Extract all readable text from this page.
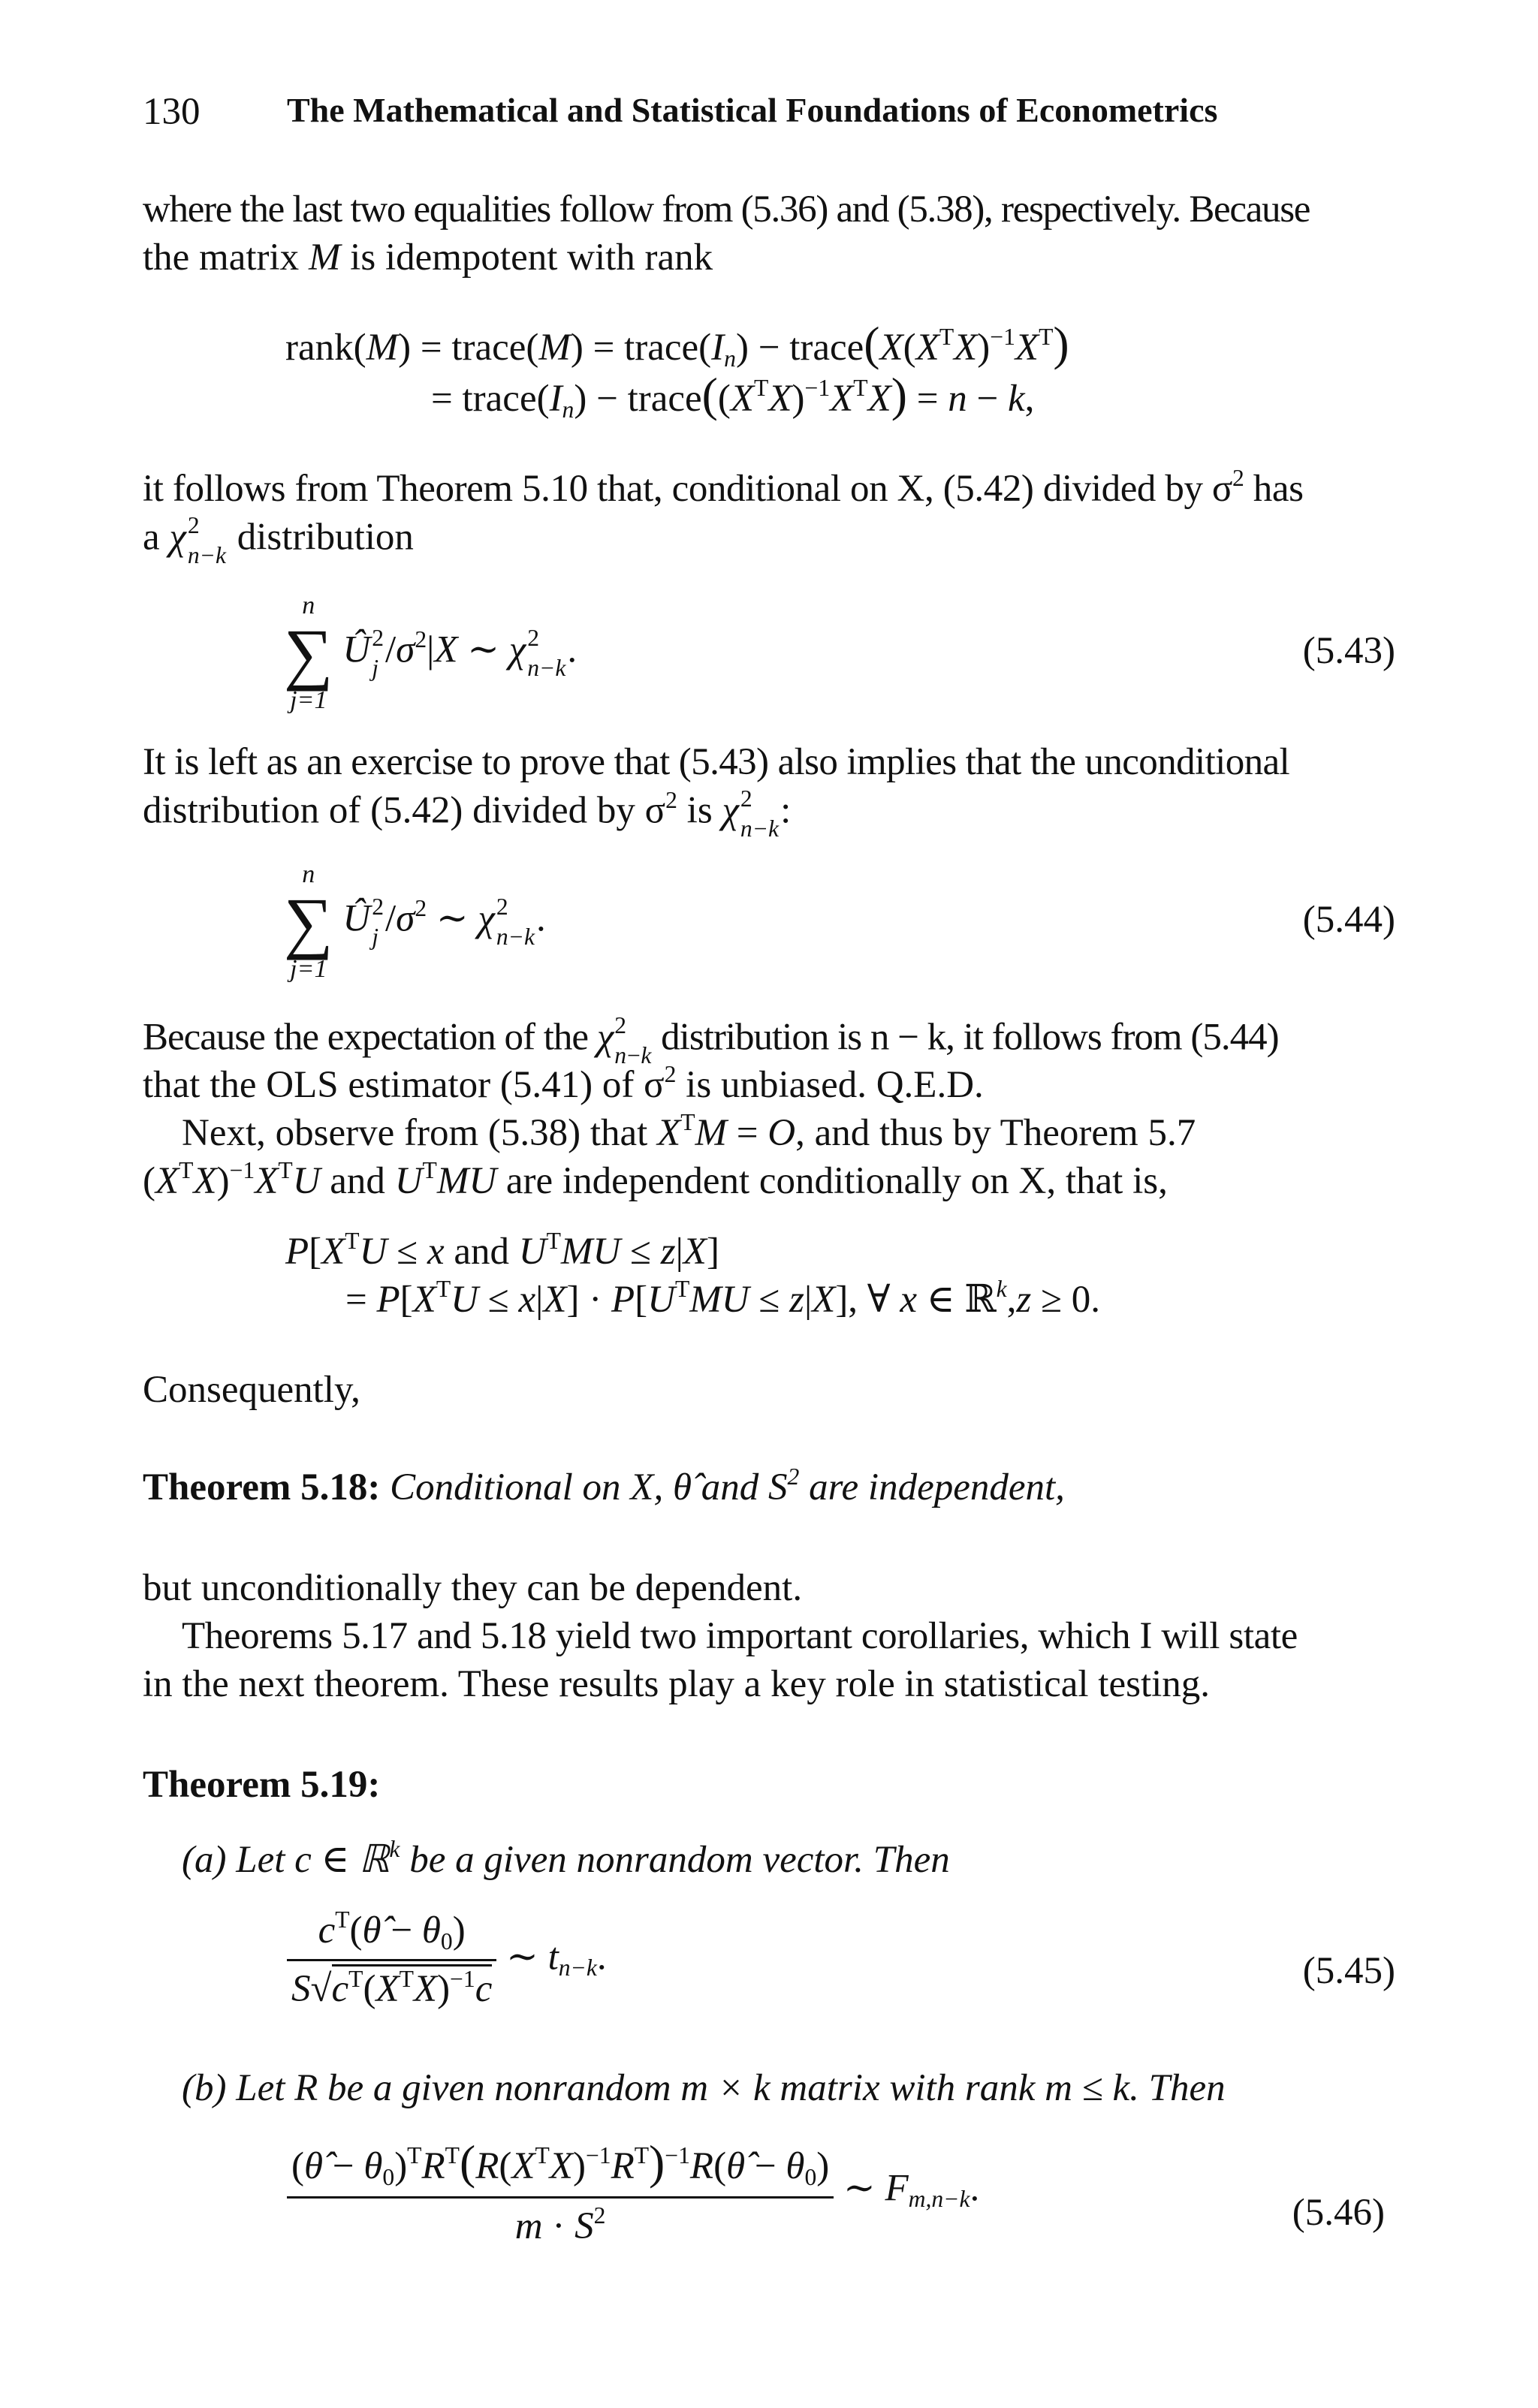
130	The Mathematical and Statistical Foundations of Econometrics
where the last two equalities follow from (5.36) and (5.38), respectively. Because
the matrix M is idempotent with rank
rank(M) = trace(M) = $trace(I_n)$ − $trace(X(X^TX)^{-1}X^T)$
= $trace(I_n)$ − $trace((X^TX)^{-1}X^TX) = n - k$,
it follows from Theorem 5.10 that, conditional on X, (5.42) divided by $\sigma^2$ has
a χ 2
n−k distribution
n
∑
j=1
Û 2
j $/\sigma^2|X$ ∼ χ 2
n−k .	(5.43)
It is left as an exercise to prove that (5.43) also implies that the unconditional
distribution of (5.42) divided by $\sigma^2$ is χ 2
n−k :
n
∑
j=1
Û 2
j $/\sigma^2$ ∼ χ 2
n−k .	(5.44)
Because the expectation of the χ 2
n−k distribution is n − k, it follows from (5.44)
that the OLS estimator (5.41) of $\sigma^2$ is unbiased. Q.E.D.
Next, observe from (5.38) that $X^TM = O$, and thus by Theorem 5.7
$(X^TX)^{-1}X^TU$ and $U^TMU$ are independent conditionally on X, that is,
$P[X^TU \le x$ and $U^TMU \le z|X$]
= $P[X^TU \le x|X] \cdot P[U^TMU \le z|X]$, ∀ x ∈ ℝ$^k$,z ≥ 0.
Consequently,
Theorem 5.18: Conditional on X, θ̂ and $S^2$ are independent,
but unconditionally they can be dependent.
Theorems 5.17 and 5.18 yield two important corollaries, which I will state
in the next theorem. These results play a key role in statistical testing.
Theorem 5.19:
(a) Let c ∈ ℝ$^k$ be a given nonrandom vector. Then
$\frac{c^T(\thetâ - \theta_0)}{S√c^T(X^TX)^{-1}c}$ ∼ $t_{n-k}$.	(5.45)
(b) Let R be a given nonrandom m × k matrix with rank m ≤ k. Then
$\frac{(\thetâ - \theta_0)^TR^T(R(X^TX)^{-1}R^T)^{-1}R(\thetâ - \theta_0)}{m \cdot S^2}$ ∼ $F_{m,n-k}$.
(5.46)
